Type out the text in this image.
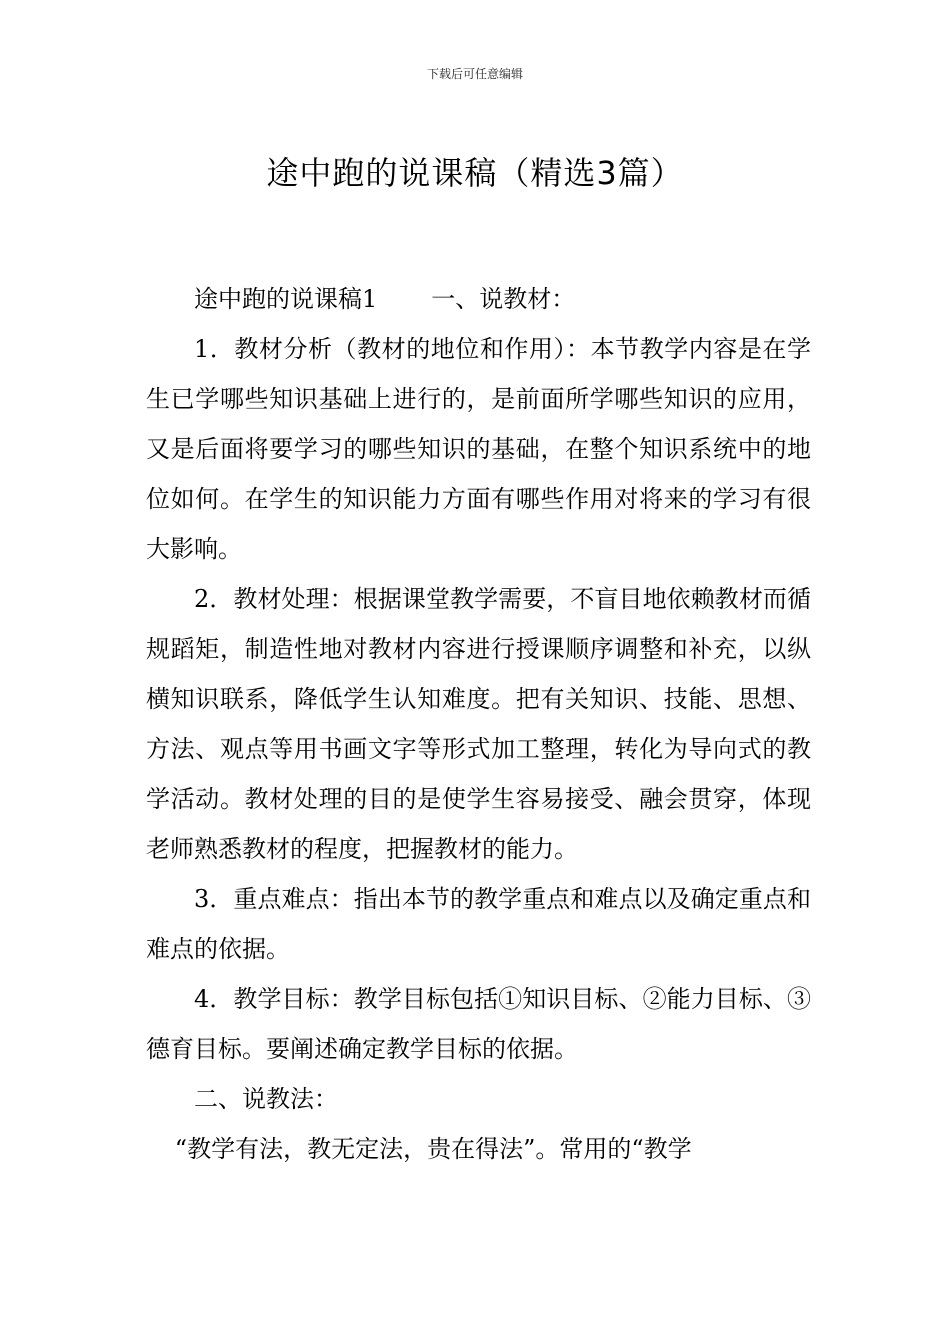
下载后可任意编辑
途中跑的说课稿（精选3篇）

途中跑的说课稿1 一、说教材：

1．教材分析（教材的地位和作用）：本节教学内容是在学生已学哪些知识基础上进行的，是前面所学哪些知识的应用，又是后面将要学习的哪些知识的基础，在整个知识系统中的地位如何。在学生的知识能力方面有哪些作用对将来的学习有很大影响。

2．教材处理：根据课堂教学需要，不盲目地依赖教材而循规蹈矩，制造性地对教材内容进行授课顺序调整和补充，以纵横知识联系，降低学生认知难度。把有关知识、技能、思想、方法、观点等用书画文字等形式加工整理，转化为导向式的教学活动。教材处理的目的是使学生容易接受、融会贯穿，体现老师熟悉教材的程度，把握教材的能力。

3．重点难点：指出本节的教学重点和难点以及确定重点和难点的依据。

4．教学目标：教学目标包括①知识目标、②能力目标、③德育目标。要阐述确定教学目标的依据。

二、说教法：

“教学有法，教无定法，贵在得法”。常用的“教学
